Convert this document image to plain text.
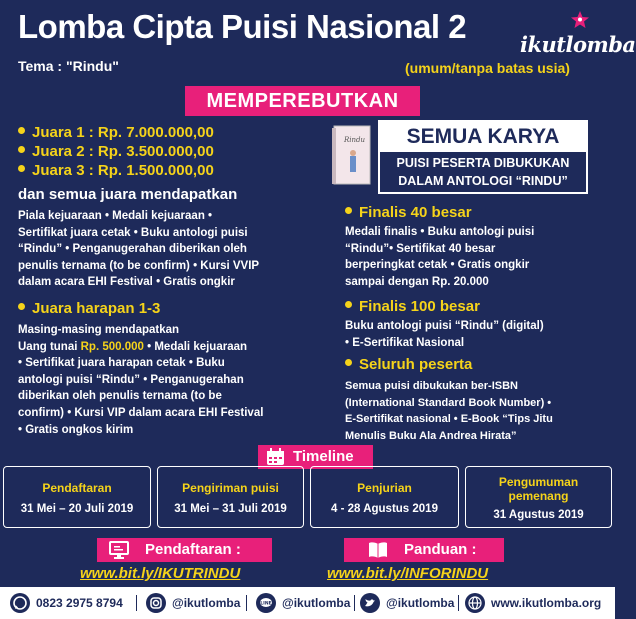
Lomba Cipta Puisi Nasional 2
Tema : "Rindu"
ikutlomba
(umum/tanpa batas usia)
MEMPEREBUTKAN
Juara 1 : Rp. 7.000.000,00
Juara 2 : Rp. 3.500.000,00
Juara 3 : Rp. 1.500.000,00
dan semua juara mendapatkan
Piala kejuaraan • Medali kejuaraan •
Sertifikat juara cetak • Buku antologi puisi
“Rindu” • Penganugerahan diberikan oleh
penulis ternama (to be confirm) • Kursi VVIP
dalam acara EHI Festival • Gratis ongkir
Juara harapan 1-3
Masing-masing mendapatkan
Uang tunai Rp. 500.000 • Medali kejuaraan
• Sertifikat juara harapan cetak • Buku
antologi puisi “Rindu” • Penganugerahan
diberikan oleh penulis ternama (to be
confirm) • Kursi VIP dalam acara EHI Festival
• Gratis ongkos kirim
Rindu	SEMUA KARYA
PUISI PESERTA DIBUKUKAN
DALAM ANTOLOGI “RINDU”
Finalis 40 besar
Medali finalis • Buku antologi puisi
“Rindu”• Sertifikat 40 besar
berperingkat cetak • Gratis ongkir
sampai dengan Rp. 20.000
Finalis 100 besar
Buku antologi puisi “Rindu” (digital)
• E-Sertifikat Nasional
Seluruh peserta
Semua puisi dibukukan ber-ISBN
(International Standard Book Number) •
E-Sertifikat nasional • E-Book “Tips Jitu
Menulis Buku Ala Andrea Hirata”
Timeline
Pendaftaran
31 Mei – 20 Juli 2019
Pengiriman puisi
31 Mei – 31 Juli 2019
Penjurian
4 - 28 Agustus 2019
Pengumuman
pemenang
31 Agustus 2019
Pendaftaran :	Panduan :
www.bit.ly/IKUTRINDU	www.bit.ly/INFORINDU
0823 2975 8794	@ikutlomba	LINE @ikutlomba	@ikutlomba	www.ikutlomba.org
